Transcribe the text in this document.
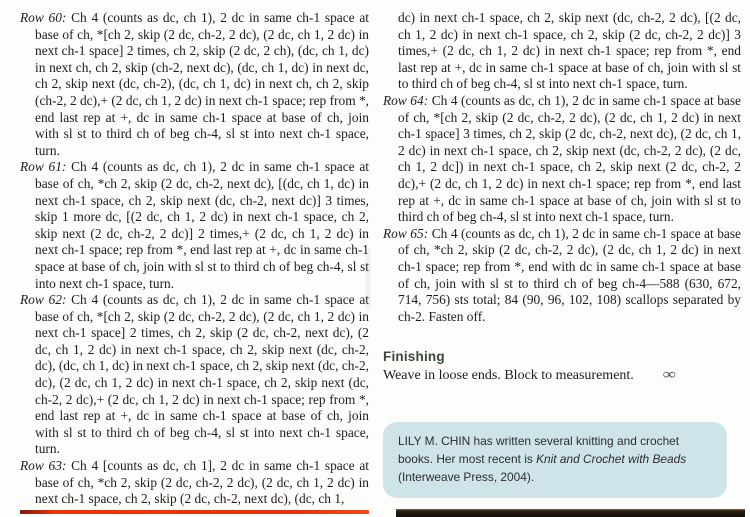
Row 60: Ch 4 (counts as dc, ch 1), 2 dc in same ch-1 space at base of ch, *[ch 2, skip (2 dc, ch-2, 2 dc), (2 dc, ch 1, 2 dc) in next ch-1 space] 2 times, ch 2, skip (2 dc, 2 ch), (dc, ch 1, dc) in next ch, ch 2, skip (ch-2, next dc), (dc, ch 1, dc) in next dc, ch 2, skip next (dc, ch-2), (dc, ch 1, dc) in next ch, ch 2, skip (ch-2, 2 dc),+ (2 dc, ch 1, 2 dc) in next ch-1 space; rep from *, end last rep at +, dc in same ch-1 space at base of ch, join with sl st to third ch of beg ch-4, sl st into next ch-1 space, turn.

Row 61: Ch 4 (counts as dc, ch 1), 2 dc in same ch-1 space at base of ch, *ch 2, skip (2 dc, ch-2, next dc), [(dc, ch 1, dc) in next ch-1 space, ch 2, skip next (dc, ch-2, next dc)] 3 times, skip 1 more dc, [(2 dc, ch 1, 2 dc) in next ch-1 space, ch 2, skip next (2 dc, ch-2, 2 dc)] 2 times,+ (2 dc, ch 1, 2 dc) in next ch-1 space; rep from *, end last rep at +, dc in same ch-1 space at base of ch, join with sl st to third ch of beg ch-4, sl st into next ch-1 space, turn.

Row 62: Ch 4 (counts as dc, ch 1), 2 dc in same ch-1 space at base of ch, *[ch 2, skip (2 dc, ch-2, 2 dc), (2 dc, ch 1, 2 dc) in next ch-1 space] 2 times, ch 2, skip (2 dc, ch-2, next dc), (2 dc, ch 1, 2 dc) in next ch-1 space, ch 2, skip next (dc, ch-2, dc), (dc, ch 1, dc) in next ch-1 space, ch 2, skip next (dc, ch-2, dc), (2 dc, ch 1, 2 dc) in next ch-1 space, ch 2, skip next (dc, ch-2, 2 dc),+ (2 dc, ch 1, 2 dc) in next ch-1 space; rep from *, end last rep at +, dc in same ch-1 space at base of ch, join with sl st to third ch of beg ch-4, sl st into next ch-1 space, turn.

Row 63: Ch 4 [counts as dc, ch 1], 2 dc in same ch-1 space at base of ch, *ch 2, skip (2 dc, ch-2, 2 dc), (2 dc, ch 1, 2 dc) in next ch-1 space, ch 2, skip (2 dc, ch-2, next dc), (dc, ch 1,

dc) in next ch-1 space, ch 2, skip next (dc, ch-2, 2 dc), [(2 dc, ch 1, 2 dc) in next ch-1 space, ch 2, skip (2 dc, ch-2, 2 dc)] 3 times,+ (2 dc, ch 1, 2 dc) in next ch-1 space; rep from *, end last rep at +, dc in same ch-1 space at base of ch, join with sl st to third ch of beg ch-4, sl st into next ch-1 space, turn.

Row 64: Ch 4 (counts as dc, ch 1), 2 dc in same ch-1 space at base of ch, *[ch 2, skip (2 dc, ch-2, 2 dc), (2 dc, ch 1, 2 dc) in next ch-1 space] 3 times, ch 2, skip (2 dc, ch-2, next dc), (2 dc, ch 1, 2 dc) in next ch-1 space, ch 2, skip next (dc, ch-2, 2 dc), (2 dc, ch 1, 2 dc]) in next ch-1 space, ch 2, skip next (2 dc, ch-2, 2 dc),+ (2 dc, ch 1, 2 dc) in next ch-1 space; rep from *, end last rep at +, dc in same ch-1 space at base of ch, join with sl st to third ch of beg ch-4, sl st into next ch-1 space, turn.

Row 65: Ch 4 (counts as dc, ch 1), 2 dc in same ch-1 space at base of ch, *ch 2, skip (2 dc, ch-2, 2 dc), (2 dc, ch 1, 2 dc) in next ch-1 space; rep from *, end with dc in same ch-1 space at base of ch, join with sl st to third ch of beg ch-4—588 (630, 672, 714, 756) sts total; 84 (90, 96, 102, 108) scallops separated by ch-2. Fasten off.

Finishing

Weave in loose ends. Block to measurement. ∞

LILY M. CHIN has written several knitting and crochet books. Her most recent is Knit and Crochet with Beads (Interweave Press, 2004).
